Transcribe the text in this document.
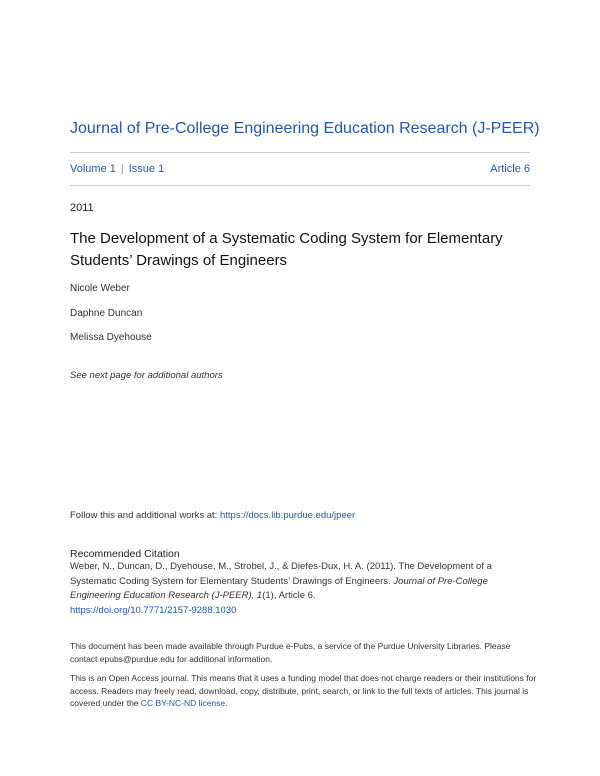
Journal of Pre-College Engineering Education Research (J-PEER)
Volume 1 | Issue 1	Article 6
2011
The Development of a Systematic Coding System for Elementary Students’ Drawings of Engineers
Nicole Weber
Daphne Duncan
Melissa Dyehouse
See next page for additional authors
Follow this and additional works at: https://docs.lib.purdue.edu/jpeer
Recommended Citation
Weber, N., Duncan, D., Dyehouse, M., Strobel, J., & Diefes-Dux, H. A. (2011). The Development of a Systematic Coding System for Elementary Students’ Drawings of Engineers. Journal of Pre-College Engineering Education Research (J-PEER), 1(1), Article 6.
https://doi.org/10.7771/2157-9288.1030
This document has been made available through Purdue e-Pubs, a service of the Purdue University Libraries. Please contact epubs@purdue.edu for additional information.
This is an Open Access journal. This means that it uses a funding model that does not charge readers or their institutions for access. Readers may freely read, download, copy, distribute, print, search, or link to the full texts of articles. This journal is covered under the CC BY-NC-ND license.
